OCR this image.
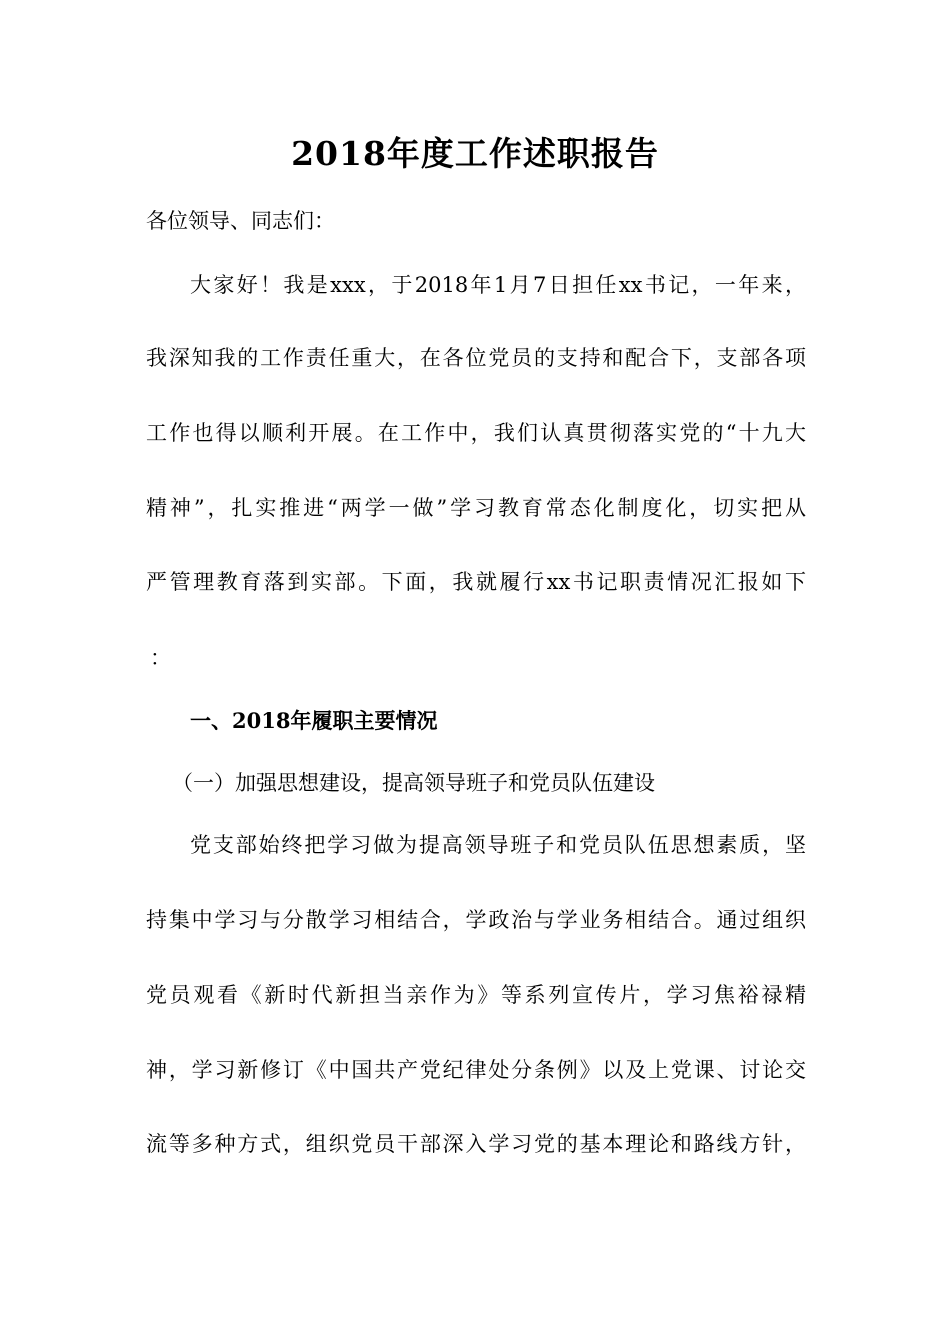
2018年度工作述职报告
各位领导、同志们：
大家好！我是xxx，于2018年1月7日担任xx书记，一年来，
我深知我的工作责任重大，在各位党员的支持和配合下，支部各项
工作也得以顺利开展。在工作中，我们认真贯彻落实党的“十九大
精神”，扎实推进“两学一做”学习教育常态化制度化，切实把从
严管理教育落到实部。下面，我就履行xx书记职责情况汇报如下
：
一、2018年履职主要情况
（一）加强思想建设，提高领导班子和党员队伍建设
党支部始终把学习做为提高领导班子和党员队伍思想素质，坚
持集中学习与分散学习相结合，学政治与学业务相结合。通过组织
党员观看《新时代新担当亲作为》等系列宣传片，学习焦裕禄精
神，学习新修订《中国共产党纪律处分条例》以及上党课、讨论交
流等多种方式，组织党员干部深入学习党的基本理论和路线方针，
